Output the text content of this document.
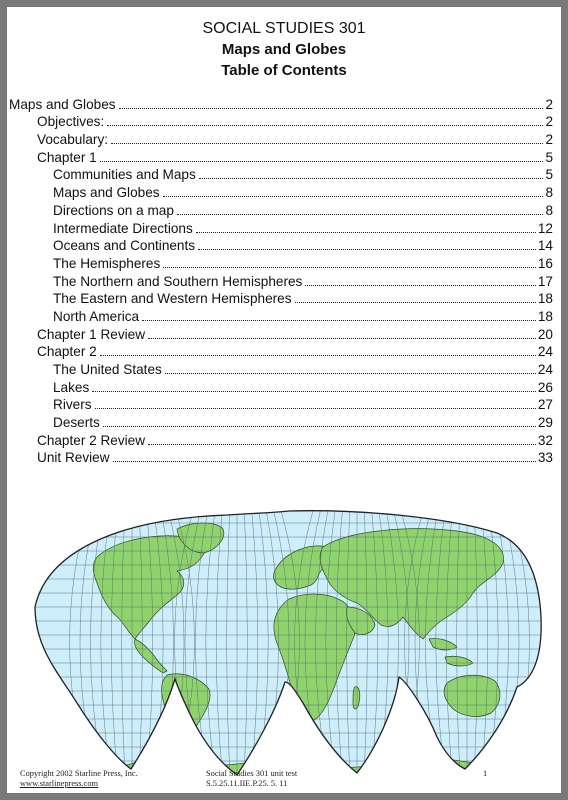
SOCIAL STUDIES 301
Maps and Globes
Table of Contents
Maps and Globes	2
Objectives:	2
Vocabulary:	2
Chapter 1	5
Communities and Maps	5
Maps and Globes	8
Directions on a map	8
Intermediate Directions	12
Oceans and Continents	14
The Hemispheres	16
The Northern and Southern Hemispheres	17
The Eastern and Western Hemispheres	18
North America	18
Chapter 1 Review	20
Chapter 2	24
The United States	24
Lakes	26
Rivers	27
Deserts	29
Chapter 2 Review	32
Unit Review	33
Copyright 2002 Starline Press, Inc.
www.starlinepress.com
Social Studies 301 unit test
S.5.25.11.IIE.P.25. 5. 11
1
